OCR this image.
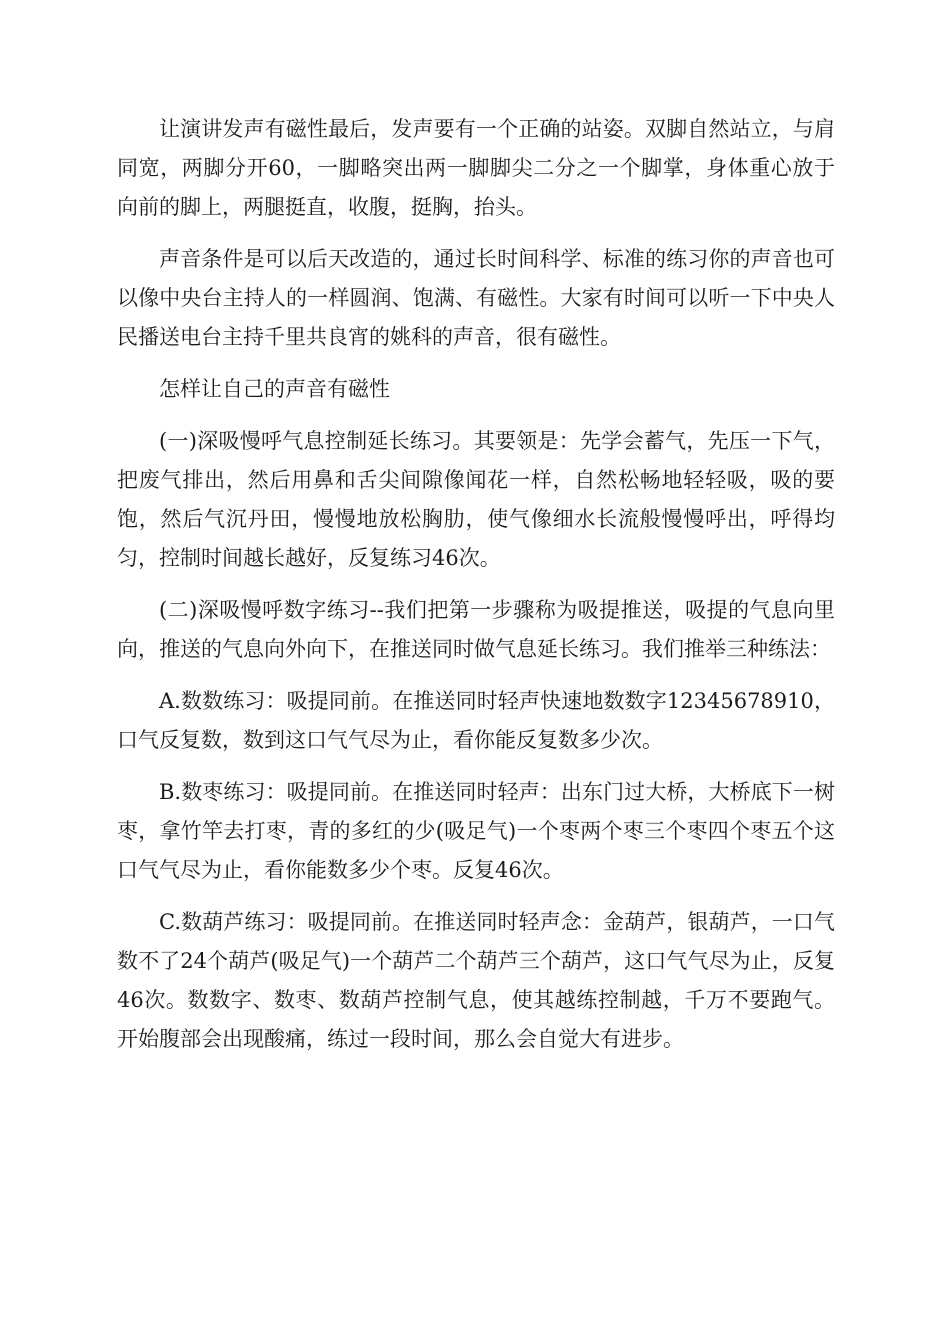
让演讲发声有磁性最后，发声要有一个正确的站姿。双脚自然站立，与肩同宽，两脚分开60，一脚略突出两一脚脚尖二分之一个脚掌，身体重心放于向前的脚上，两腿挺直，收腹，挺胸，抬头。

声音条件是可以后天改造的，通过长时间科学、标准的练习你的声音也可以像中央台主持人的一样圆润、饱满、有磁性。大家有时间可以听一下中央人民播送电台主持千里共良宵的姚科的声音，很有磁性。

怎样让自己的声音有磁性

(一)深吸慢呼气息控制延长练习。其要领是：先学会蓄气，先压一下气，把废气排出，然后用鼻和舌尖间隙像闻花一样，自然松畅地轻轻吸，吸的要饱，然后气沉丹田，慢慢地放松胸肋，使气像细水长流般慢慢呼出，呼得均匀，控制时间越长越好，反复练习46次。

(二)深吸慢呼数字练习--我们把第一步骤称为吸提推送，吸提的气息向里向，推送的气息向外向下，在推送同时做气息延长练习。我们推举三种练法：

A.数数练习：吸提同前。在推送同时轻声快速地数数字12345678910，口气反复数，数到这口气气尽为止，看你能反复数多少次。

B.数枣练习：吸提同前。在推送同时轻声：出东门过大桥，大桥底下一树枣，拿竹竿去打枣，青的多红的少(吸足气)一个枣两个枣三个枣四个枣五个这口气气尽为止，看你能数多少个枣。反复46次。

C.数葫芦练习：吸提同前。在推送同时轻声念：金葫芦，银葫芦，一口气数不了24个葫芦(吸足气)一个葫芦二个葫芦三个葫芦，这口气气尽为止，反复46次。数数字、数枣、数葫芦控制气息，使其越练控制越，千万不要跑气。开始腹部会出现酸痛，练过一段时间，那么会自觉大有进步。
